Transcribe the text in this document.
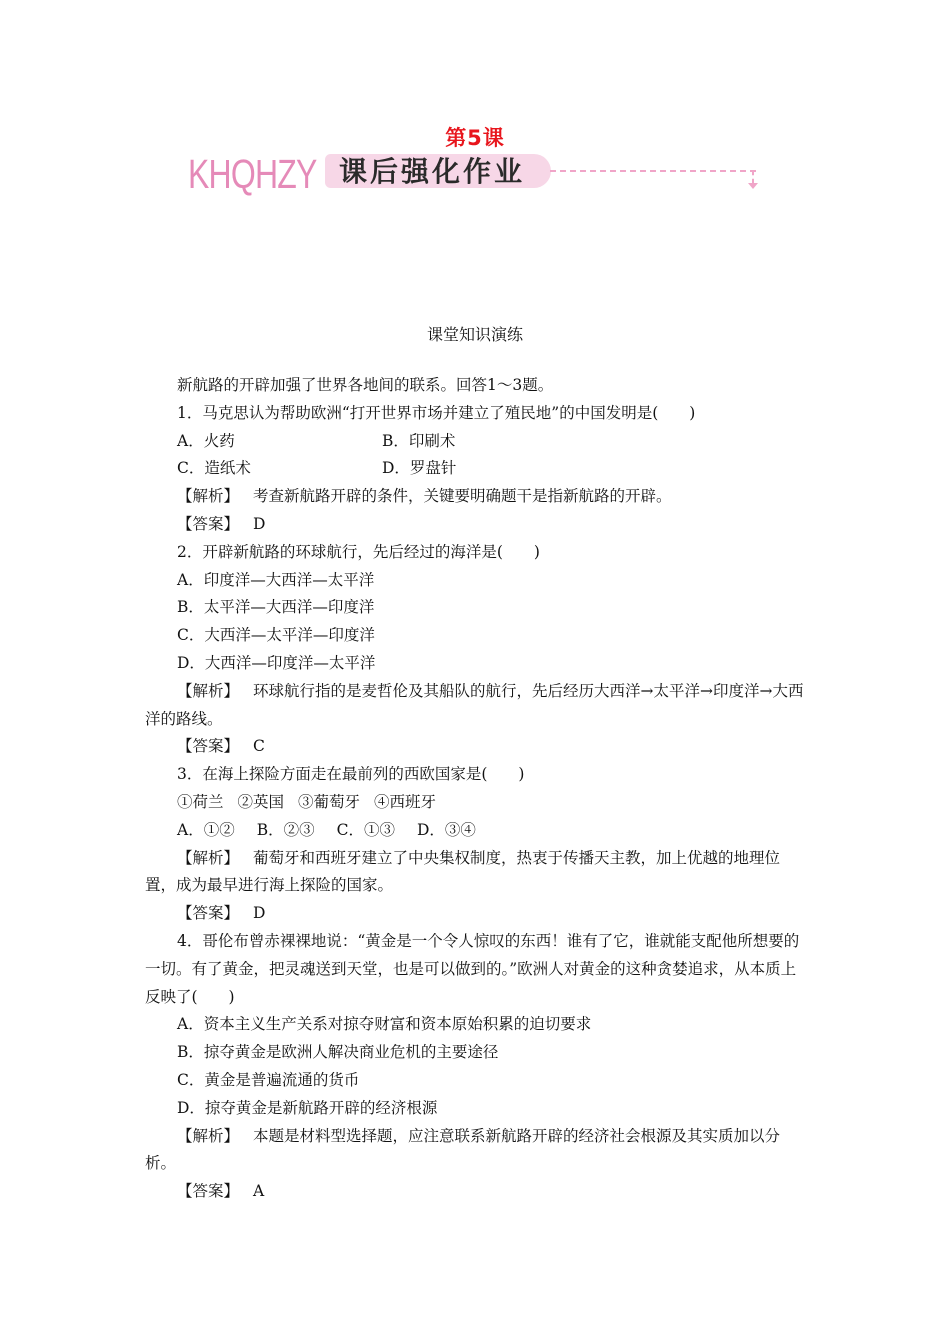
第5课
KHQHZY 课后强化作业
课堂知识演练
新航路的开辟加强了世界各地间的联系。回答1～3题。
1．马克思认为帮助欧洲“打开世界市场并建立了殖民地”的中国发明是(　　)
A．火药	B．印刷术
C．造纸术	D．罗盘针
【解析】 考查新航路开辟的条件，关键要明确题干是指新航路的开辟。
【答案】 D
2．开辟新航路的环球航行，先后经过的海洋是(　　)
A．印度洋—大西洋—太平洋
B．太平洋—大西洋—印度洋
C．大西洋—太平洋—印度洋
D．大西洋—印度洋—太平洋
【解析】 环球航行指的是麦哲伦及其船队的航行，先后经历大西洋→太平洋→印度洋→大西洋的路线。
【答案】 C
3．在海上探险方面走在最前列的西欧国家是(　　)
①荷兰 ②英国 ③葡萄牙 ④西班牙
A．①② B．②③ C．①③ D．③④
【解析】 葡萄牙和西班牙建立了中央集权制度，热衷于传播天主教，加上优越的地理位置，成为最早进行海上探险的国家。
【答案】 D
4．哥伦布曾赤裸裸地说：“黄金是一个令人惊叹的东西！谁有了它，谁就能支配他所想要的一切。有了黄金，把灵魂送到天堂，也是可以做到的。”欧洲人对黄金的这种贪婪追求，从本质上反映了(　　)
A．资本主义生产关系对掠夺财富和资本原始积累的迫切要求
B．掠夺黄金是欧洲人解决商业危机的主要途径
C．黄金是普遍流通的货币
D．掠夺黄金是新航路开辟的经济根源
【解析】 本题是材料型选择题，应注意联系新航路开辟的经济社会根源及其实质加以分析。
【答案】 A
